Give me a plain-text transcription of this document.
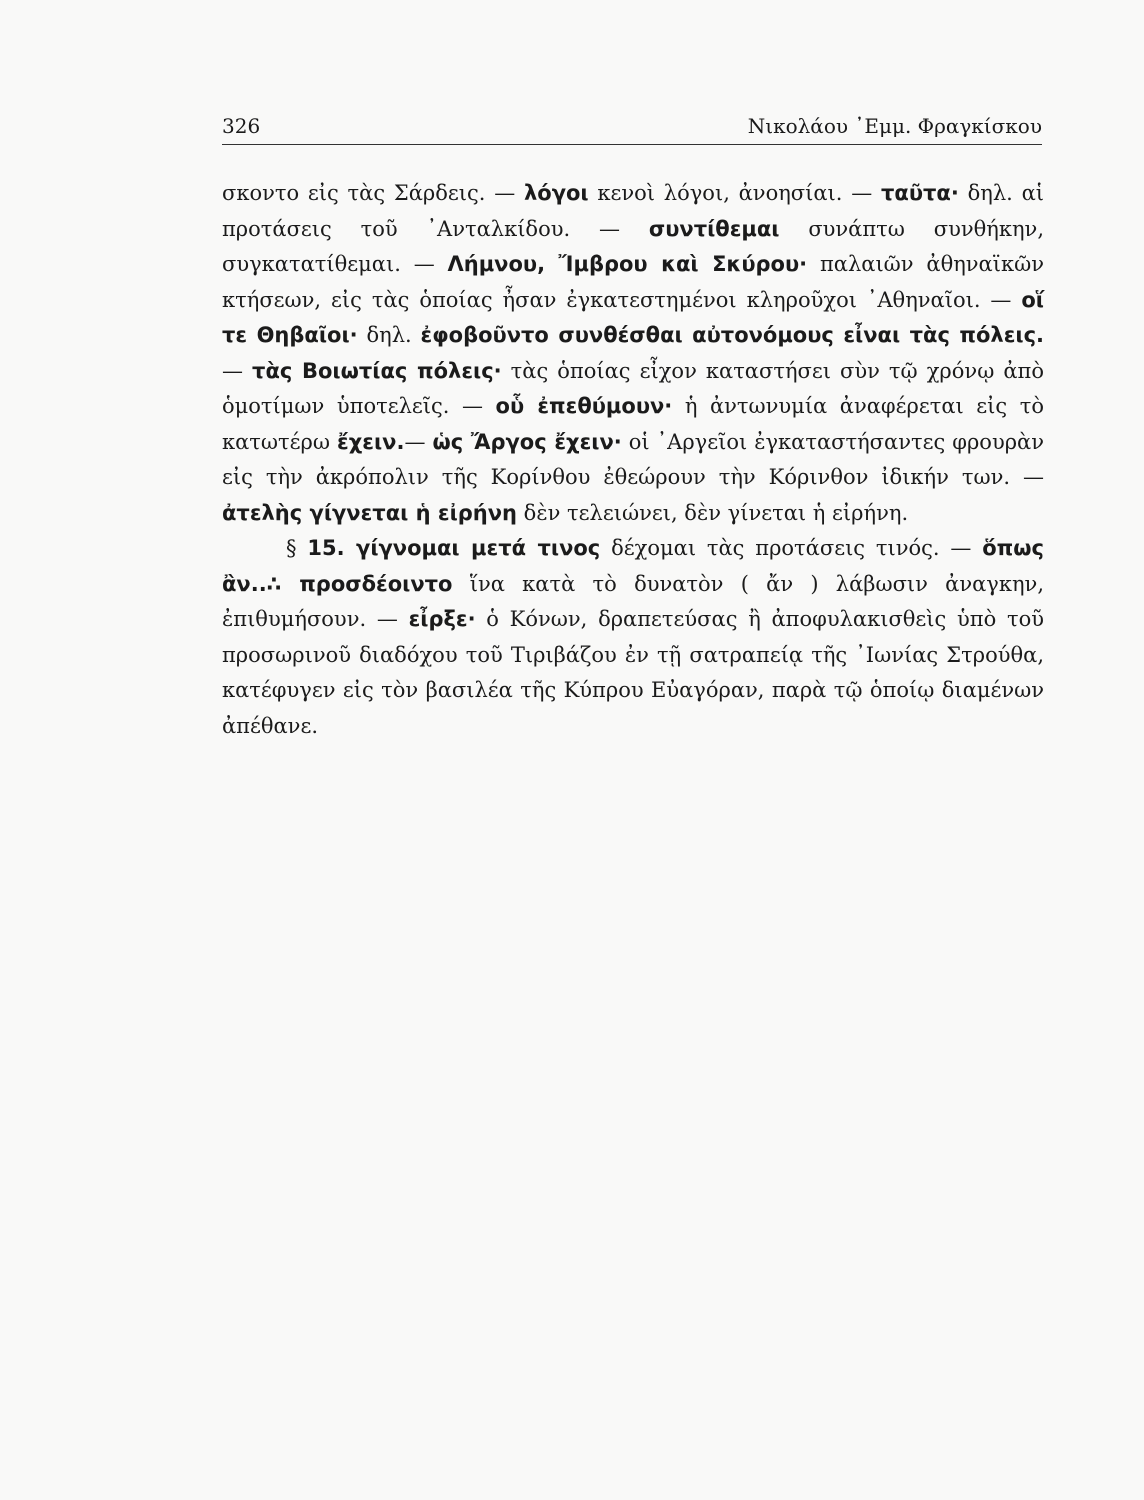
326	Νικολάου ᾿Εμμ. Φραγκίσκου

σκοντο εἰς τὰς Σάρδεις. — λόγοι κενοὶ λόγοι, ἀνοησίαι. — ταῦτα· δηλ. αἱ προτάσεις τοῦ ᾿Ανταλκίδου. — συντίθεμαι συνάπτω συνθήκην, συγκατατίθεμαι. — Λήμνου, Ἴμβρου καὶ Σκύρου· παλαιῶν ἀθηναϊκῶν κτήσεων, εἰς τὰς ὁποίας ἦσαν ἐγκατεστημένοι κληροῦχοι ᾿Αθηναῖοι. — οἵ τε Θηβαῖοι· δηλ. ἐφοβοῦντο συνθέσθαι αὐτονόμους εἶναι τὰς πόλεις. — τὰς Βοιωτίας πόλεις· τὰς ὁποίας εἶχον καταστήσει σὺν τῷ χρόνῳ ἀπὸ ὁμοτίμων ὑποτελεῖς. — οὗ ἐπεθύμουν· ἡ ἀντωνυμία ἀναφέρεται εἰς τὸ κατωτέρω ἔχειν.— ὡς Ἄργος ἔχειν· οἱ ᾿Αργεῖοι ἐγκαταστήσαντες φρουρὰν εἰς τὴν ἀκρόπολιν τῆς Κορίνθου ἐθεώρουν τὴν Κόρινθον ἰδικήν των. — ἀτελὴς γίγνεται ἡ εἰρήνη δὲν τελειώνει, δὲν γίνεται ἡ εἰρήνη.

§ 15. γίγνομαι μετά τινος δέχομαι τὰς προτάσεις τινός. — ὅπως ἂν..∴ προσδέοιντο ἵνα κατὰ τὸ δυνατὸν ( ἄν ) λάβωσιν ἀναγκην, ἐπιθυμήσουν. — εἶρξε· ὁ Κόνων, δραπετεύσας ἢ ἀποφυλακισθεὶς ὑπὸ τοῦ προσωρινοῦ διαδόχου τοῦ Τιριβάζου ἐν τῇ σατραπείᾳ τῆς ᾿Ιωνίας Στρούθα, κατέφυγεν εἰς τὸν βασιλέα τῆς Κύπρου Εὐαγόραν, παρὰ τῷ ὁποίῳ διαμένων ἀπέθανε.
